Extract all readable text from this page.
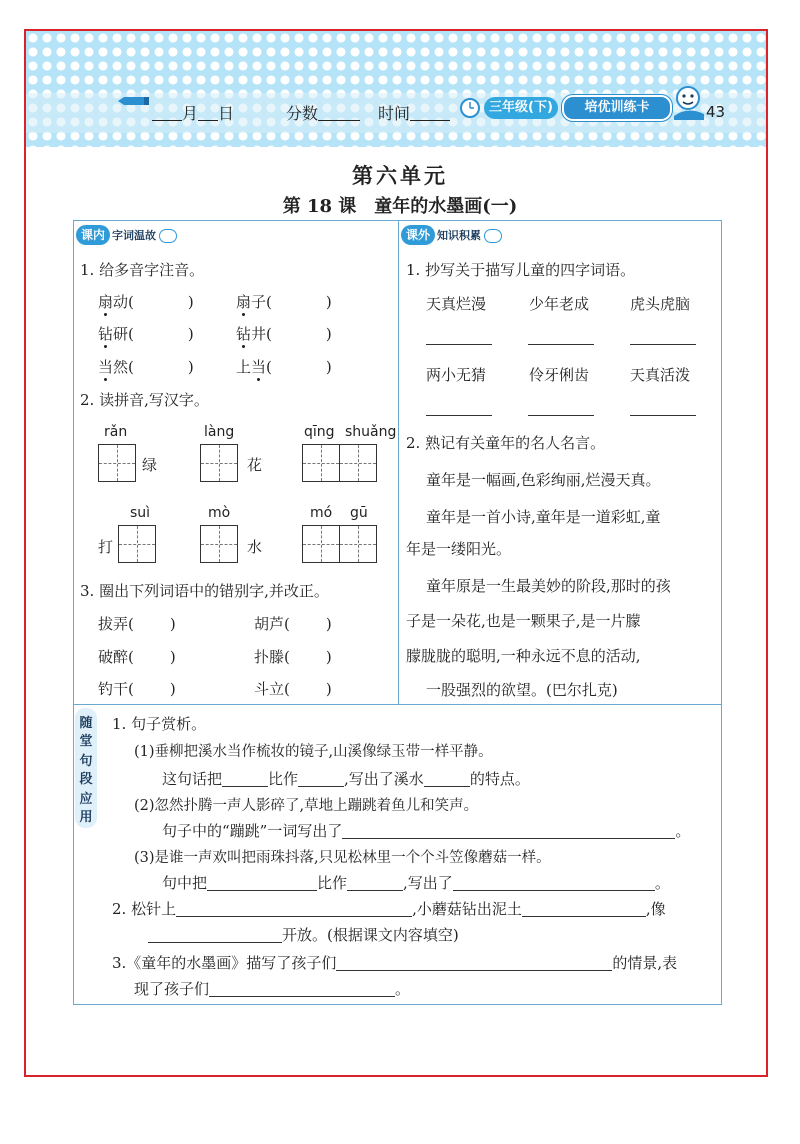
月 日	分数	时间	三年级(下)	培优训练卡	43
第六单元
第 18 课　童年的水墨画(一)
课内 字词温故
1. 给多音字注音。
扇动(	)	扇子(	)
钻研(	)	钻井(	)
当然(	)	上当(	)
2. 读拼音,写汉字。
rǎn
绿
làng
花
qīng shuǎng
suì
打
mò
水
mó gū
3. 圈出下列词语中的错别字,并改正。
拔弄( )	胡芦( )
破醉( )	扑滕( )
钓干( )	斗立( )
课外 知识积累
1. 抄写关于描写儿童的四字词语。
天真烂漫	少年老成	虎头虎脑
两小无猜	伶牙俐齿	天真活泼
2. 熟记有关童年的名人名言。
童年是一幅画,色彩绚丽,烂漫天真。
童年是一首小诗,童年是一道彩虹,童
年是一缕阳光。
童年原是一生最美妙的阶段,那时的孩
子是一朵花,也是一颗果子,是一片朦
朦胧胧的聪明,一种永远不息的活动,
一股强烈的欲望。(巴尔扎克)
随
堂
句
段
应
用
1. 句子赏析。
(1)垂柳把溪水当作梳妆的镜子,山溪像绿玉带一样平静。
这句话把	比作	,写出了溪水	的特点。
(2)忽然扑腾一声人影碎了,草地上蹦跳着鱼儿和笑声。
句子中的“蹦跳”一词写出了	。
(3)是谁一声欢叫把雨珠抖落,只见松林里一个个斗笠像蘑菇一样。
句中把	比作	,写出了	。
2. 松针上	,小蘑菇钻出泥土	,像
开放。(根据课文内容填空)
3.《童年的水墨画》描写了孩子们	的情景,表
现了孩子们	。
